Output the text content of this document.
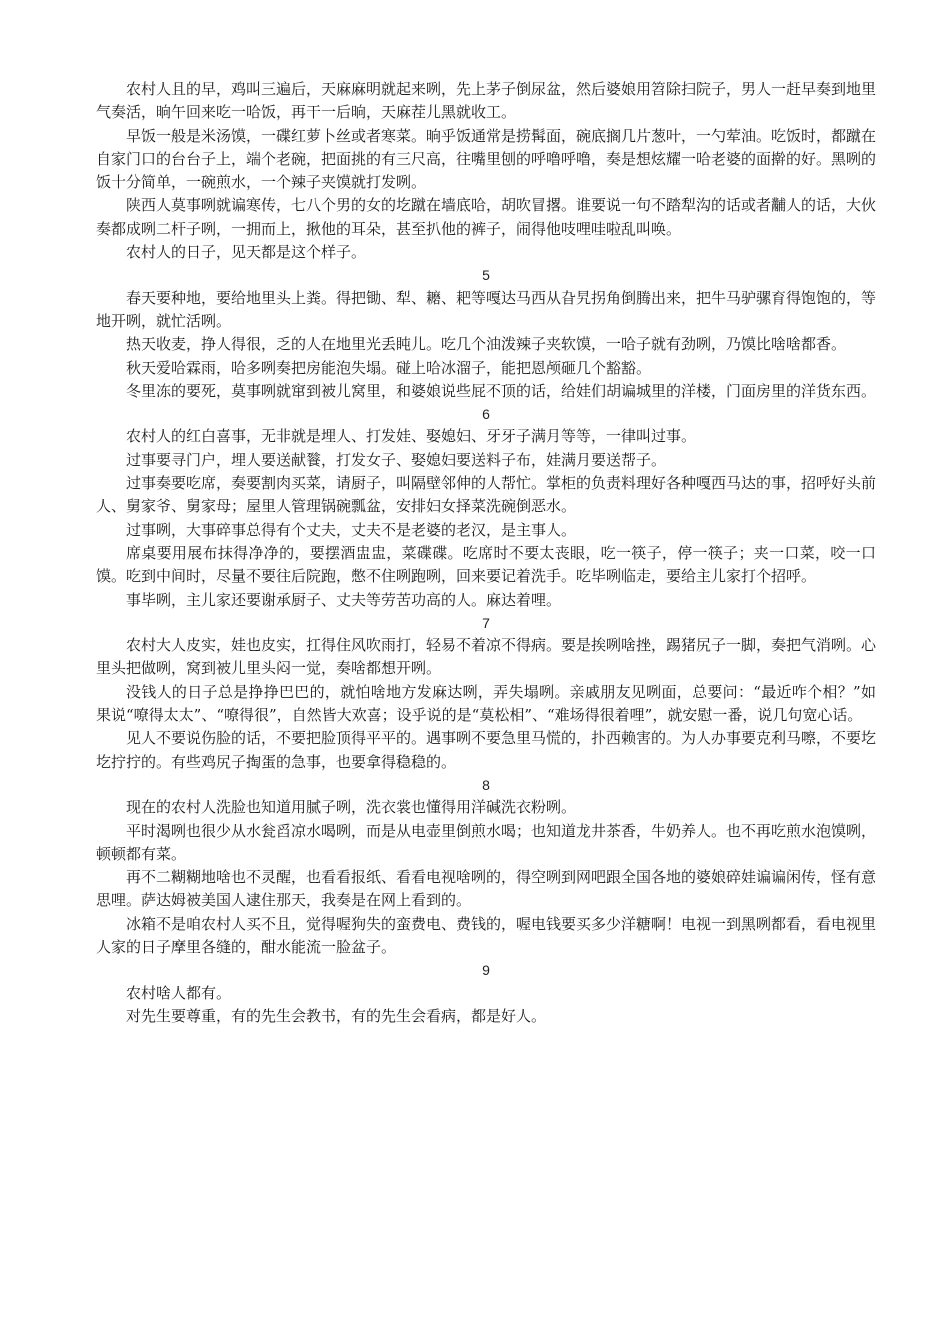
农村人且的早，鸡叫三遍后，天麻麻明就起来咧，先上茅子倒尿盆，然后婆娘用笤除扫院子，男人一赶早奏到地里气奏活，晌午回来吃一哈饭，再干一后晌，天麻茬儿黑就收工。

早饭一般是米汤馍，一碟红萝卜丝或者寒菜。晌乎饭通常是捞髯面，碗底搁几片葱叶，一勺荤油。吃饭时，都蹴在自家门口的台台子上，端个老碗，把面挑的有三尺高，往嘴里刨的呼噜呼噜，奏是想炫耀一哈老婆的面擀的好。黑咧的饭十分简单，一碗煎水，一个辣子夹馍就打发咧。

陕西人莫事咧就谝寒传，七八个男的女的圪蹴在墙底哈，胡吹冒撂。谁要说一句不踏犁沟的话或者黼人的话，大伙奏都成咧二杆子咧，一拥而上，揪他的耳朵，甚至扒他的裤子，闹得他吱哩哇啦乱叫唤。

农村人的日子，见天都是这个样子。

5

春天要种地，要给地里头上粪。得把锄、犁、耱、耙等嘎达马西从旮旯拐角倒腾出来，把牛马驴骡育得饱饱的，等地开咧，就忙活咧。

热天收麦，挣人得很，乏的人在地里光丢盹儿。吃几个油泼辣子夹软馍，一哈子就有劲咧，乃馍比啥啥都香。

秋天爱哈霖雨，哈多咧奏把房能泡失塌。碰上哈冰溜子，能把恩颅砸几个豁豁。

冬里冻的要死，莫事咧就窜到被儿窝里，和婆娘说些屁不顶的话，给娃们胡谝城里的洋楼，门面房里的洋货东西。

6

农村人的红白喜事，无非就是埋人、打发娃、娶媳妇、牙牙子满月等等，一律叫过事。

过事要寻门户，埋人要送献餮，打发女子、娶媳妇要送料子布，娃满月要送帮子。

过事奏要吃席，奏要割肉买菜，请厨子，叫隔壁邻伸的人帮忙。掌柜的负责料理好各种嘎西马达的事，招呼好头前人、舅家爷、舅家母；屋里人管理锅碗瓢盆，安排妇女择菜洗碗倒恶水。

过事咧，大事碎事总得有个丈夫，丈夫不是老婆的老汉，是主事人。

席桌要用展布抹得净净的，要摆酒盅盅，菜碟碟。吃席时不要太丧眼，吃一筷子，停一筷子；夹一口菜，咬一口馍。吃到中间时，尽量不要往后院跑，憋不住咧跑咧，回来要记着洗手。吃毕咧临走，要给主儿家打个招呼。

事毕咧，主儿家还要谢承厨子、丈夫等劳苦功高的人。麻达着哩。

7

农村大人皮实，娃也皮实，扛得住风吹雨打，轻易不着凉不得病。要是挨咧啥挫，踢猪尻子一脚，奏把气消咧。心里头把做咧，窝到被儿里头闷一觉，奏啥都想开咧。

没钱人的日子总是挣挣巴巴的，就怕啥地方发麻达咧，弄失塌咧。亲戚朋友见咧面，总要问：“最近咋个相？”如果说“嘹得太太”、“嘹得很”，自然皆大欢喜；设乎说的是“莫松相”、“难场得很着哩”，就安慰一番，说几句宽心话。

见人不要说伤脸的话，不要把脸顶得平平的。遇事咧不要急里马慌的，扑西赖害的。为人办事要克利马嚓，不要圪圪拧拧的。有些鸡尻子掏蛋的急事，也要拿得稳稳的。

8

现在的农村人洗脸也知道用腻子咧，洗衣裳也懂得用洋碱洗衣粉咧。

平时渴咧也很少从水瓮舀凉水喝咧，而是从电壶里倒煎水喝；也知道龙井茶香，牛奶养人。也不再吃煎水泡馍咧，顿顿都有菜。

再不二糊糊地啥也不灵醒，也看看报纸、看看电视啥咧的，得空咧到网吧跟全国各地的婆娘碎娃谝谝闲传，怪有意思哩。萨达姆被美国人逮住那天，我奏是在网上看到的。

冰箱不是咱农村人买不且，觉得喔狗失的蛮费电、费钱的，喔电钱要买多少洋糖啊！电视一到黑咧都看，看电视里人家的日子摩里各缝的，酣水能流一脸盆子。

9

农村啥人都有。

对先生要尊重，有的先生会教书，有的先生会看病，都是好人。
